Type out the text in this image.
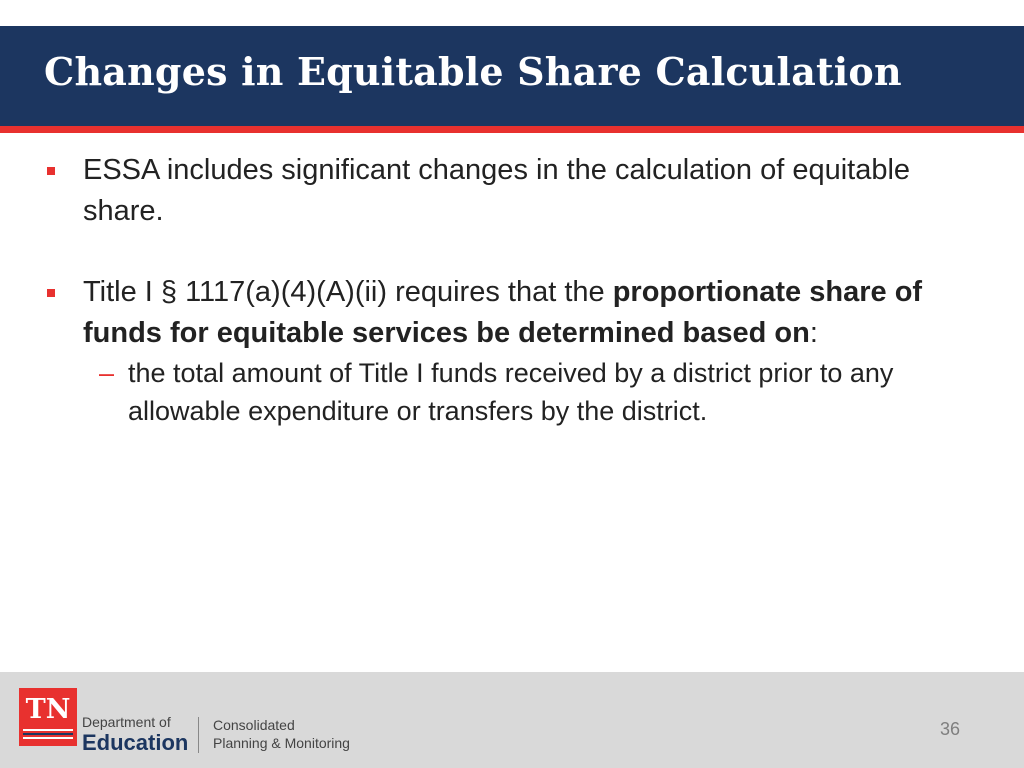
Changes in Equitable Share Calculation

ESSA includes significant changes in the calculation of equitable share.

Title I § 1117(a)(4)(A)(ii) requires that the proportionate share of funds for equitable services be determined based on:

– the total amount of Title I funds received by a district prior to any allowable expenditure or transfers by the district.

TN Department of
Education
Consolidated
Planning & Monitoring
36
